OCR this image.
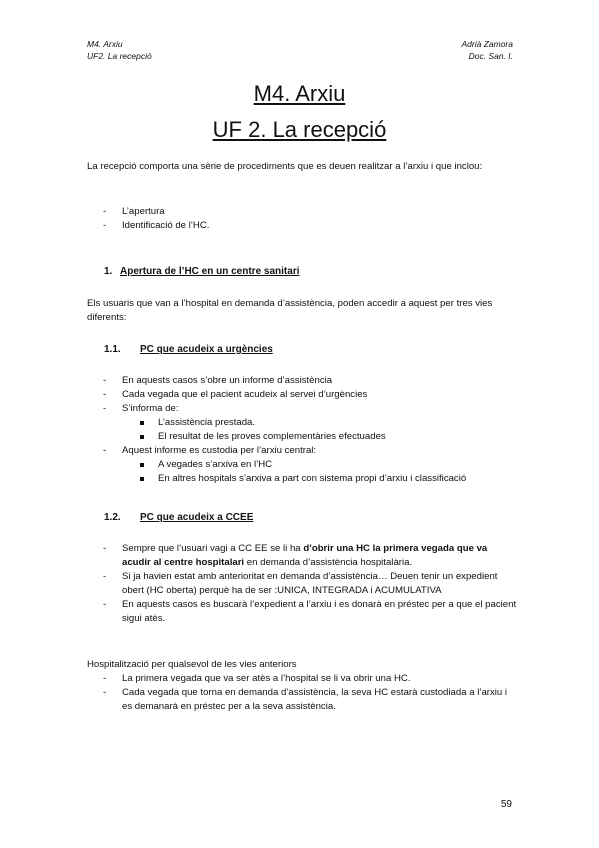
M4. Arxiu
UF2. La recepció
Adrià Zamora
Doc. San. I.
M4. Arxiu
UF 2. La recepció
La recepció comporta una sèrie de procediments que es deuen realitzar a l’arxiu i que inclou:
- L’apertura
- Identificació de l’HC.
1. Apertura de l’HC en un centre sanitari
Els usuaris que van a l’hospital en demanda d’assistència, poden accedir a aquest per tres vies diferents:
1.1. PC que acudeix a urgències
- En aquests casos s’obre un informe d’assistència
- Cada vegada que el pacient acudeix al servei d’urgències
- S’informa de:
L’assistència prestada.
El resultat de les proves complementàries efectuades
- Aquest informe es custodia per l’arxiu central:
A vegades s’arxiva en l’HC
En altres hospitals s’arxiva a part con sistema propi d’arxiu i classificació
1.2. PC que acudeix a CCEE
- Sempre que l’usuari vagi a CC EE se li ha d’obrir una HC la primera vegada que va acudir al centre hospitalari en demanda d’assistència hospitalària.
- Si ja havien estat amb anterioritat en demanda d’assistència… Deuen tenir un expedient obert (HC oberta) perquè ha de ser :UNICA, INTEGRADA i ACUMULATIVA
- En aquests casos es buscarà l’expedient a l’arxiu i es donarà en préstec per a que el pacient sigui atès.
Hospitalització per qualsevol de les vies anteriors
- La primera vegada que va ser atès a l’hospital se li va obrir una HC.
- Cada vegada que torna en demanda d’assistència, la seva HC estarà custodiada a l’arxiu i es demanarà en préstec per a la seva assistència.
59
